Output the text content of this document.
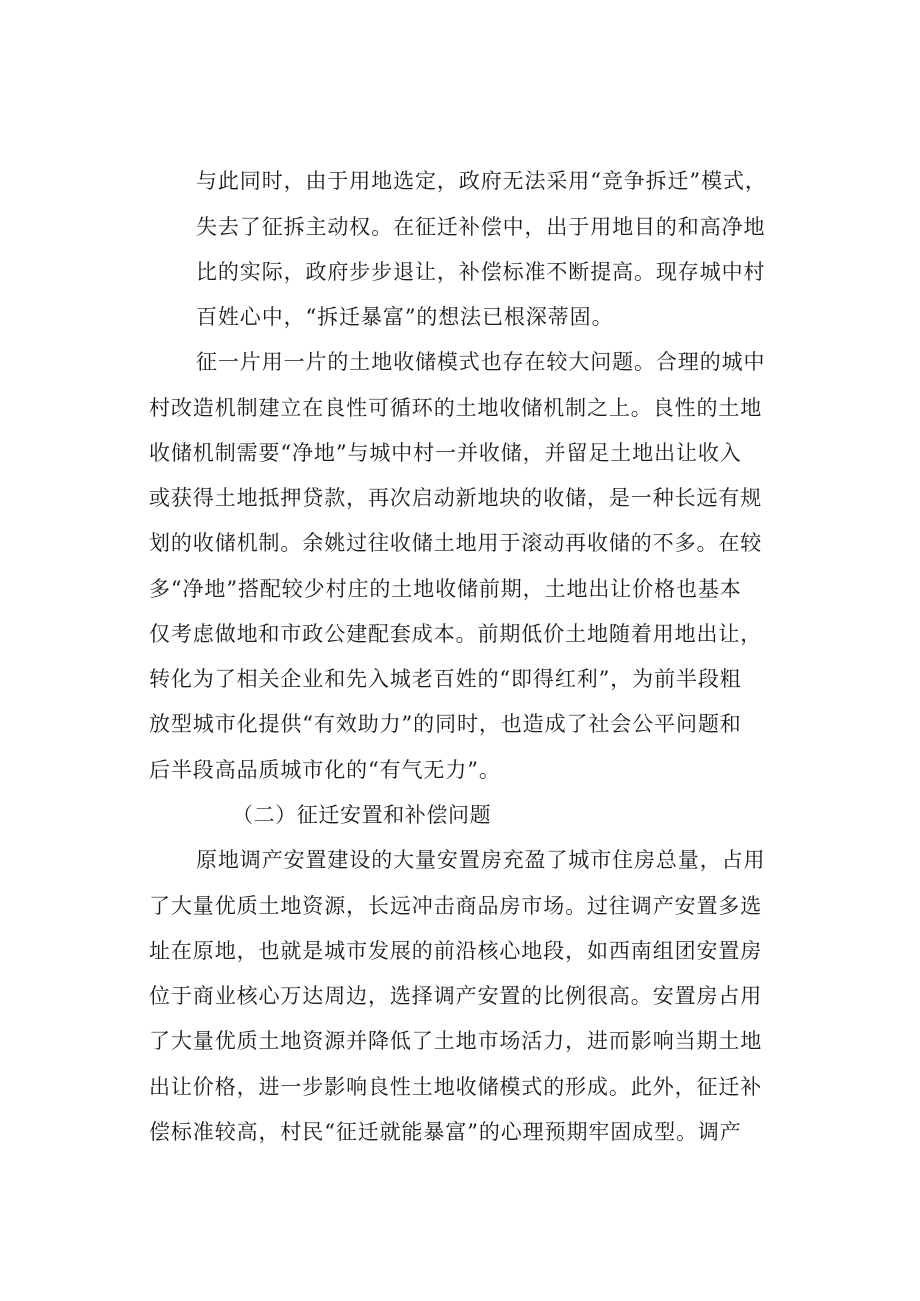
与此同时，由于用地选定，政府无法采用“竞争拆迁”模式，
失去了征拆主动权。在征迁补偿中，出于用地目的和高净地
比的实际，政府步步退让，补偿标准不断提高。现存城中村
百姓心中，“拆迁暴富”的想法已根深蒂固。
征一片用一片的土地收储模式也存在较大问题。合理的城中
村改造机制建立在良性可循环的土地收储机制之上。良性的土地
收储机制需要“净地”与城中村一并收储，并留足土地出让收入
或获得土地抵押贷款，再次启动新地块的收储，是一种长远有规
划的收储机制。余姚过往收储土地用于滚动再收储的不多。在较
多“净地”搭配较少村庄的土地收储前期，土地出让价格也基本
仅考虑做地和市政公建配套成本。前期低价土地随着用地出让，
转化为了相关企业和先入城老百姓的“即得红利”，为前半段粗
放型城市化提供“有效助力”的同时，也造成了社会公平问题和
后半段高品质城市化的“有气无力”。
（二）征迁安置和补偿问题
原地调产安置建设的大量安置房充盈了城市住房总量，占用
了大量优质土地资源，长远冲击商品房市场。过往调产安置多选
址在原地，也就是城市发展的前沿核心地段，如西南组团安置房
位于商业核心万达周边，选择调产安置的比例很高。安置房占用
了大量优质土地资源并降低了土地市场活力，进而影响当期土地
出让价格，进一步影响良性土地收储模式的形成。此外，征迁补
偿标准较高，村民“征迁就能暴富”的心理预期牢固成型。调产
